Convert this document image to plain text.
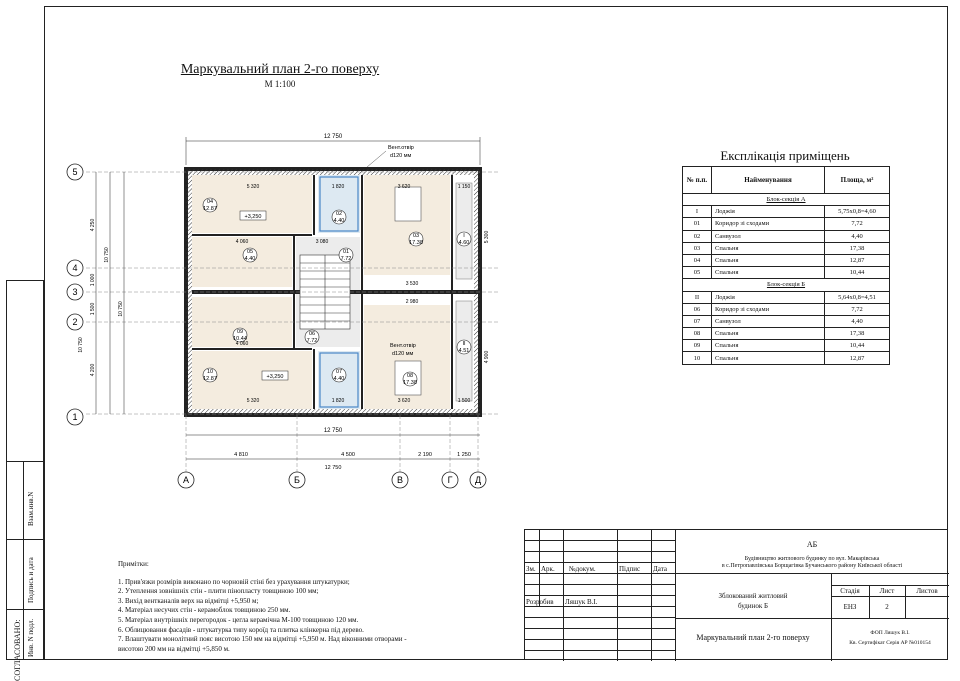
СОГЛАСОВАНО:
Взам.инв.N
Подпись и дата
Инв. N подл.
Маркувальний план 2-го поверху
М 1:100
12 750
04
12.87
05
4.40
02
4.40
03
17.38
I
4.60
01
7.72
09
10.44
10
12.87
06
7.72
07
4.40	08
17.38
II
4.51
+3,250
+3,250
5 320	1 820	3 620	1 150
4 060	3 080
2 980
3 530
4 060
5 320	1 820	3 620	1 500
5 300
4 900
Вент.отвір
d120 мм
Вент.отвір
d120 мм
4 250
10 750
1 000
1 500	10 750
4 200
10 750
5
4
3
2
1
12 750
4 810	4 500	2 190	1 250
12 750
А	Б	В	Г	Д
Експлікація приміщень
№ п.п.	Найменування	Площа, м²
Блок-секція А		
I	Лоджія	5,75х0,8=4,60
01	Коридор зі сходами	7,72
02	Санвузол	4,40
03	Спальня	17,38
04	Спальня	12,87
05	Спальня	10,44
Блок-секція Б		
II	Лоджія	5,64х0,8=4,51
06	Коридор зі сходами	7,72
07	Санвузол	4,40
08	Спальня	17,38
09	Спальня	10,44
10	Спальня	12,87
Примітки:
1. Прив'язки розмірів виконано по чорновій стіні без урахування штукатурки;
2. Утеплення зовнішніх стін - плити пінопласту товщиною 100 мм;
3. Вихід вентканалів верх на відмітці +5,950 м;
4. Матеріал несучих стін - керамоблок товщиною 250 мм.
5. Матеріал внутрішніх перегородок - цегла керамічна М-100 товщиною 120 мм.
6. Облицювання фасадів - штукатурка типу короїд та плитка клінкерна під дерево.
7. Влаштувати монолітний пояс висотою 150 мм на відмітці +5,950 м. Над віконними отворами -
висотою 200 мм на відмітці +5,850 м.
АБ
Будівництво житлового будинку по вул. Макарівська
в с.Петропавлівська Борщагівка Бучанського району Київської області
Зм. Арк. №докум.	Підпис Дата
Розробив Ляшук В.І.
Зблокований житловий
будинок Б
Стадія	Лист	Листов
ЕНЗ	2
Маркувальний план 2-го поверху	ФОП Ляшук В.І.
Кв. Сертифікат Серія АР №010154
